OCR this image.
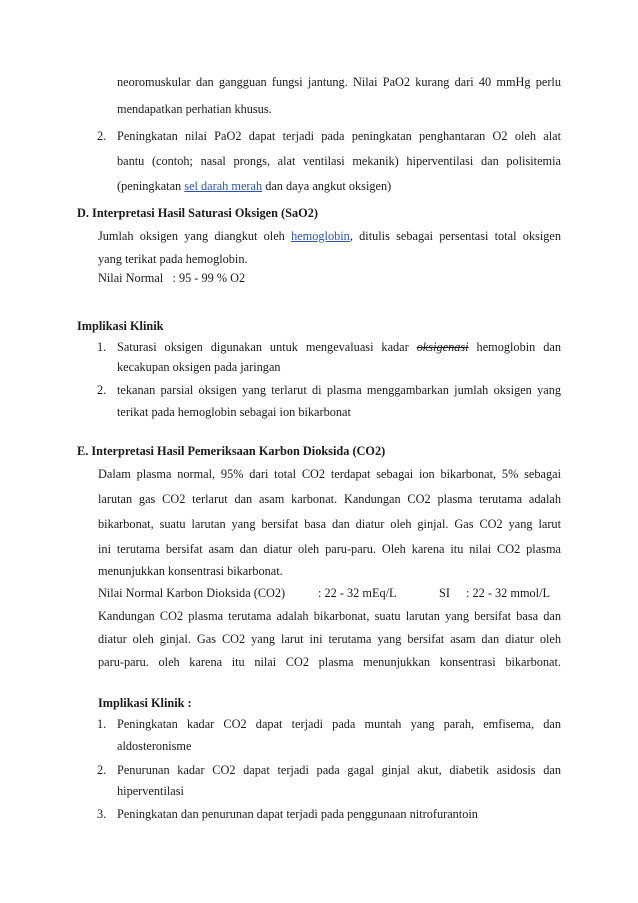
neoromuskular dan gangguan fungsi jantung. Nilai PaO2 kurang dari 40 mmHg perlu
mendapatkan perhatian khusus.
2. Peningkatan nilai PaO2 dapat terjadi pada peningkatan penghantaran O2 oleh alat
bantu (contoh; nasal prongs, alat ventilasi mekanik) hiperventilasi dan polisitemia
(peningkatan sel darah merah dan daya angkut oksigen)
D. Interpretasi Hasil Saturasi Oksigen (SaO2)
Jumlah oksigen yang diangkut oleh hemoglobin, ditulis sebagai persentasi total oksigen
yang terikat pada hemoglobin.
Nilai Normal   : 95 - 99 % O2
Implikasi Klinik
1. Saturasi oksigen digunakan untuk mengevaluasi kadar oksigenasi hemoglobin dan
kecakupan oksigen pada jaringan
2. tekanan parsial oksigen yang terlarut di plasma menggambarkan jumlah oksigen yang
terikat pada hemoglobin sebagai ion bikarbonat
E. Interpretasi Hasil Pemeriksaan Karbon Dioksida (CO2)
Dalam plasma normal, 95% dari total CO2 terdapat sebagai ion bikarbonat, 5% sebagai
larutan gas CO2 terlarut dan asam karbonat. Kandungan CO2 plasma terutama adalah
bikarbonat, suatu larutan yang bersifat basa dan diatur oleh ginjal. Gas CO2 yang larut
ini terutama bersifat asam dan diatur oleh paru-paru. Oleh karena itu nilai CO2 plasma
menunjukkan konsentrasi bikarbonat.
Nilai Normal Karbon Dioksida (CO2)	: 22 - 32 mEq/L	SI : 22 - 32 mmol/L
Kandungan CO2 plasma terutama adalah bikarbonat, suatu larutan yang bersifat basa dan
diatur oleh ginjal. Gas CO2 yang larut ini terutama yang bersifat asam dan diatur oleh
paru-paru. oleh karena itu nilai CO2 plasma menunjukkan konsentrasi bikarbonat.
Implikasi Klinik :
1. Peningkatan kadar CO2 dapat terjadi pada muntah yang parah, emfisema, dan
aldosteronisme
2. Penurunan kadar CO2 dapat terjadi pada gagal ginjal akut, diabetik asidosis dan
hiperventilasi
3. Peningkatan dan penurunan dapat terjadi pada penggunaan nitrofurantoin
